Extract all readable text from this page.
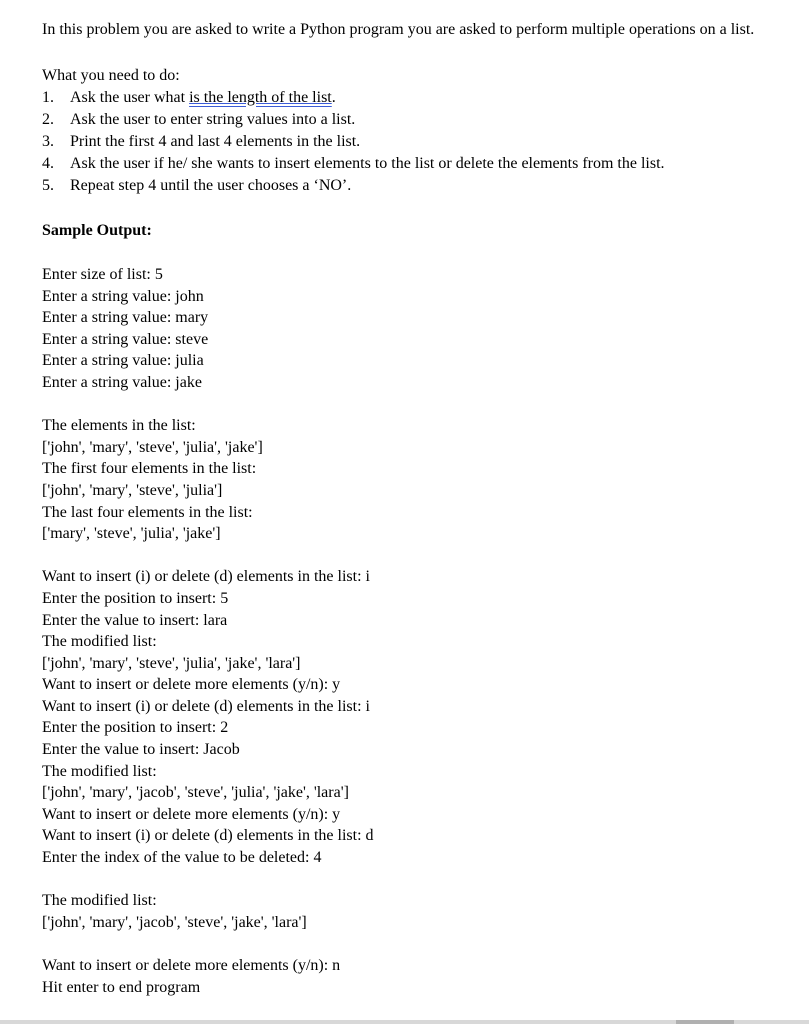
In this problem you are asked to write a Python program you are asked to perform multiple operations on a list.

What you need to do:
1. Ask the user what is the length of the list.
2. Ask the user to enter string values into a list.
3. Print the first 4 and last 4 elements in the list.
4. Ask the user if he/ she wants to insert elements to the list or delete the elements from the list.
5. Repeat step 4 until the user chooses a ‘NO’.
Sample Output:
Enter size of list: 5
Enter a string value: john
Enter a string value: mary
Enter a string value: steve
Enter a string value: julia
Enter a string value: jake
The elements in the list:
['john', 'mary', 'steve', 'julia', 'jake']
The first four elements in the list:
['john', 'mary', 'steve', 'julia']
The last four elements in the list:
['mary', 'steve', 'julia', 'jake']
Want to insert (i) or delete (d) elements in the list: i
Enter the position to insert: 5
Enter the value to insert: lara
The modified list:
['john', 'mary', 'steve', 'julia', 'jake', 'lara']
Want to insert or delete more elements (y/n): y
Want to insert (i) or delete (d) elements in the list: i
Enter the position to insert: 2
Enter the value to insert: Jacob
The modified list:
['john', 'mary', 'jacob', 'steve', 'julia', 'jake', 'lara']
Want to insert or delete more elements (y/n): y
Want to insert (i) or delete (d) elements in the list: d
Enter the index of the value to be deleted: 4
The modified list:
['john', 'mary', 'jacob', 'steve', 'jake', 'lara']
Want to insert or delete more elements (y/n): n
Hit enter to end program
